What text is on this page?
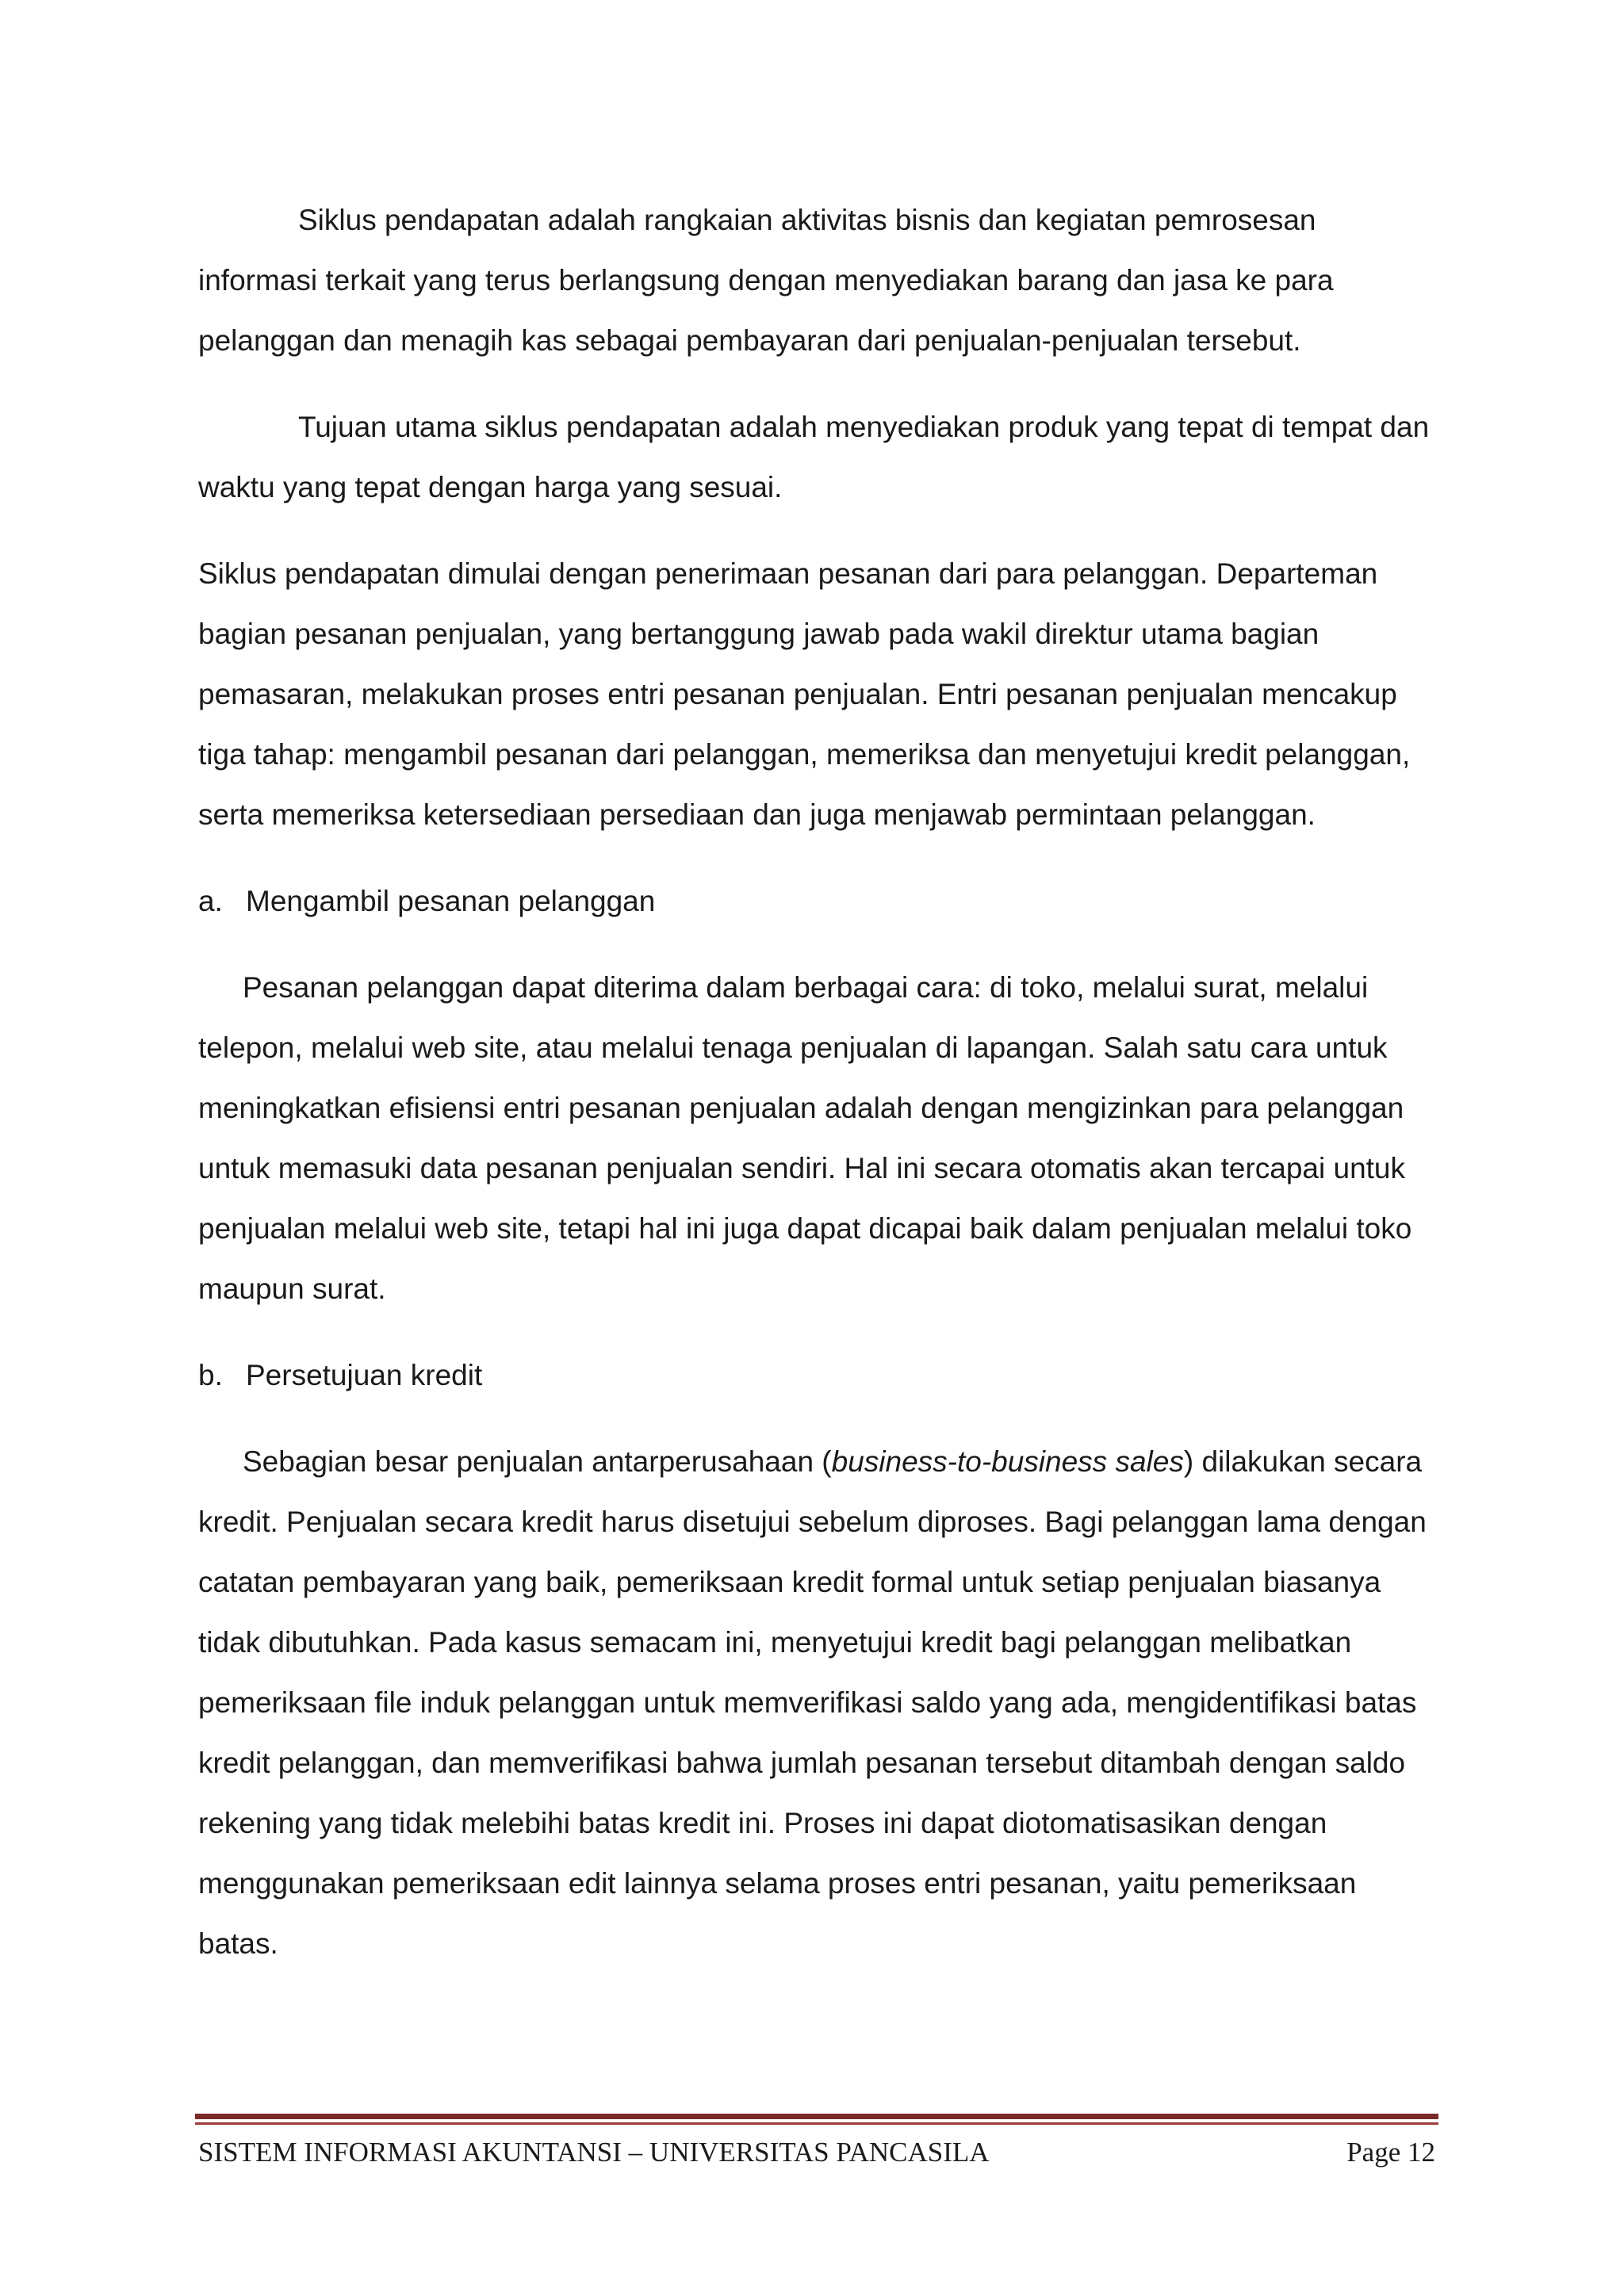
Siklus pendapatan adalah rangkaian aktivitas bisnis dan kegiatan pemrosesan informasi terkait yang terus berlangsung dengan menyediakan barang dan jasa ke para pelanggan dan menagih kas sebagai pembayaran dari penjualan-penjualan tersebut.

Tujuan utama siklus pendapatan adalah menyediakan produk yang tepat di tempat dan waktu yang tepat dengan harga yang sesuai.

Siklus pendapatan dimulai dengan penerimaan pesanan dari para pelanggan. Departeman bagian pesanan penjualan, yang bertanggung jawab pada wakil direktur utama bagian pemasaran, melakukan proses entri pesanan penjualan. Entri pesanan penjualan mencakup tiga tahap: mengambil pesanan dari pelanggan, memeriksa dan menyetujui kredit pelanggan, serta memeriksa ketersediaan persediaan dan juga menjawab permintaan pelanggan.

a. Mengambil pesanan pelanggan

Pesanan pelanggan dapat diterima dalam berbagai cara: di toko, melalui surat, melalui telepon, melalui web site, atau melalui tenaga penjualan di lapangan. Salah satu cara untuk meningkatkan efisiensi entri pesanan penjualan adalah dengan mengizinkan para pelanggan untuk memasuki data pesanan penjualan sendiri. Hal ini secara otomatis akan tercapai untuk penjualan melalui web site, tetapi hal ini juga dapat dicapai baik dalam penjualan melalui toko maupun surat.

b. Persetujuan kredit

Sebagian besar penjualan antarperusahaan (business-to-business sales) dilakukan secara kredit. Penjualan secara kredit harus disetujui sebelum diproses. Bagi pelanggan lama dengan catatan pembayaran yang baik, pemeriksaan kredit formal untuk setiap penjualan biasanya tidak dibutuhkan. Pada kasus semacam ini, menyetujui kredit bagi pelanggan melibatkan pemeriksaan file induk pelanggan untuk memverifikasi saldo yang ada, mengidentifikasi batas kredit pelanggan, dan memverifikasi bahwa jumlah pesanan tersebut ditambah dengan saldo rekening yang tidak melebihi batas kredit ini. Proses ini dapat diotomatisasikan dengan menggunakan pemeriksaan edit lainnya selama proses entri pesanan, yaitu pemeriksaan batas.

SISTEM INFORMASI AKUNTANSI – UNIVERSITAS PANCASILA	Page 12
